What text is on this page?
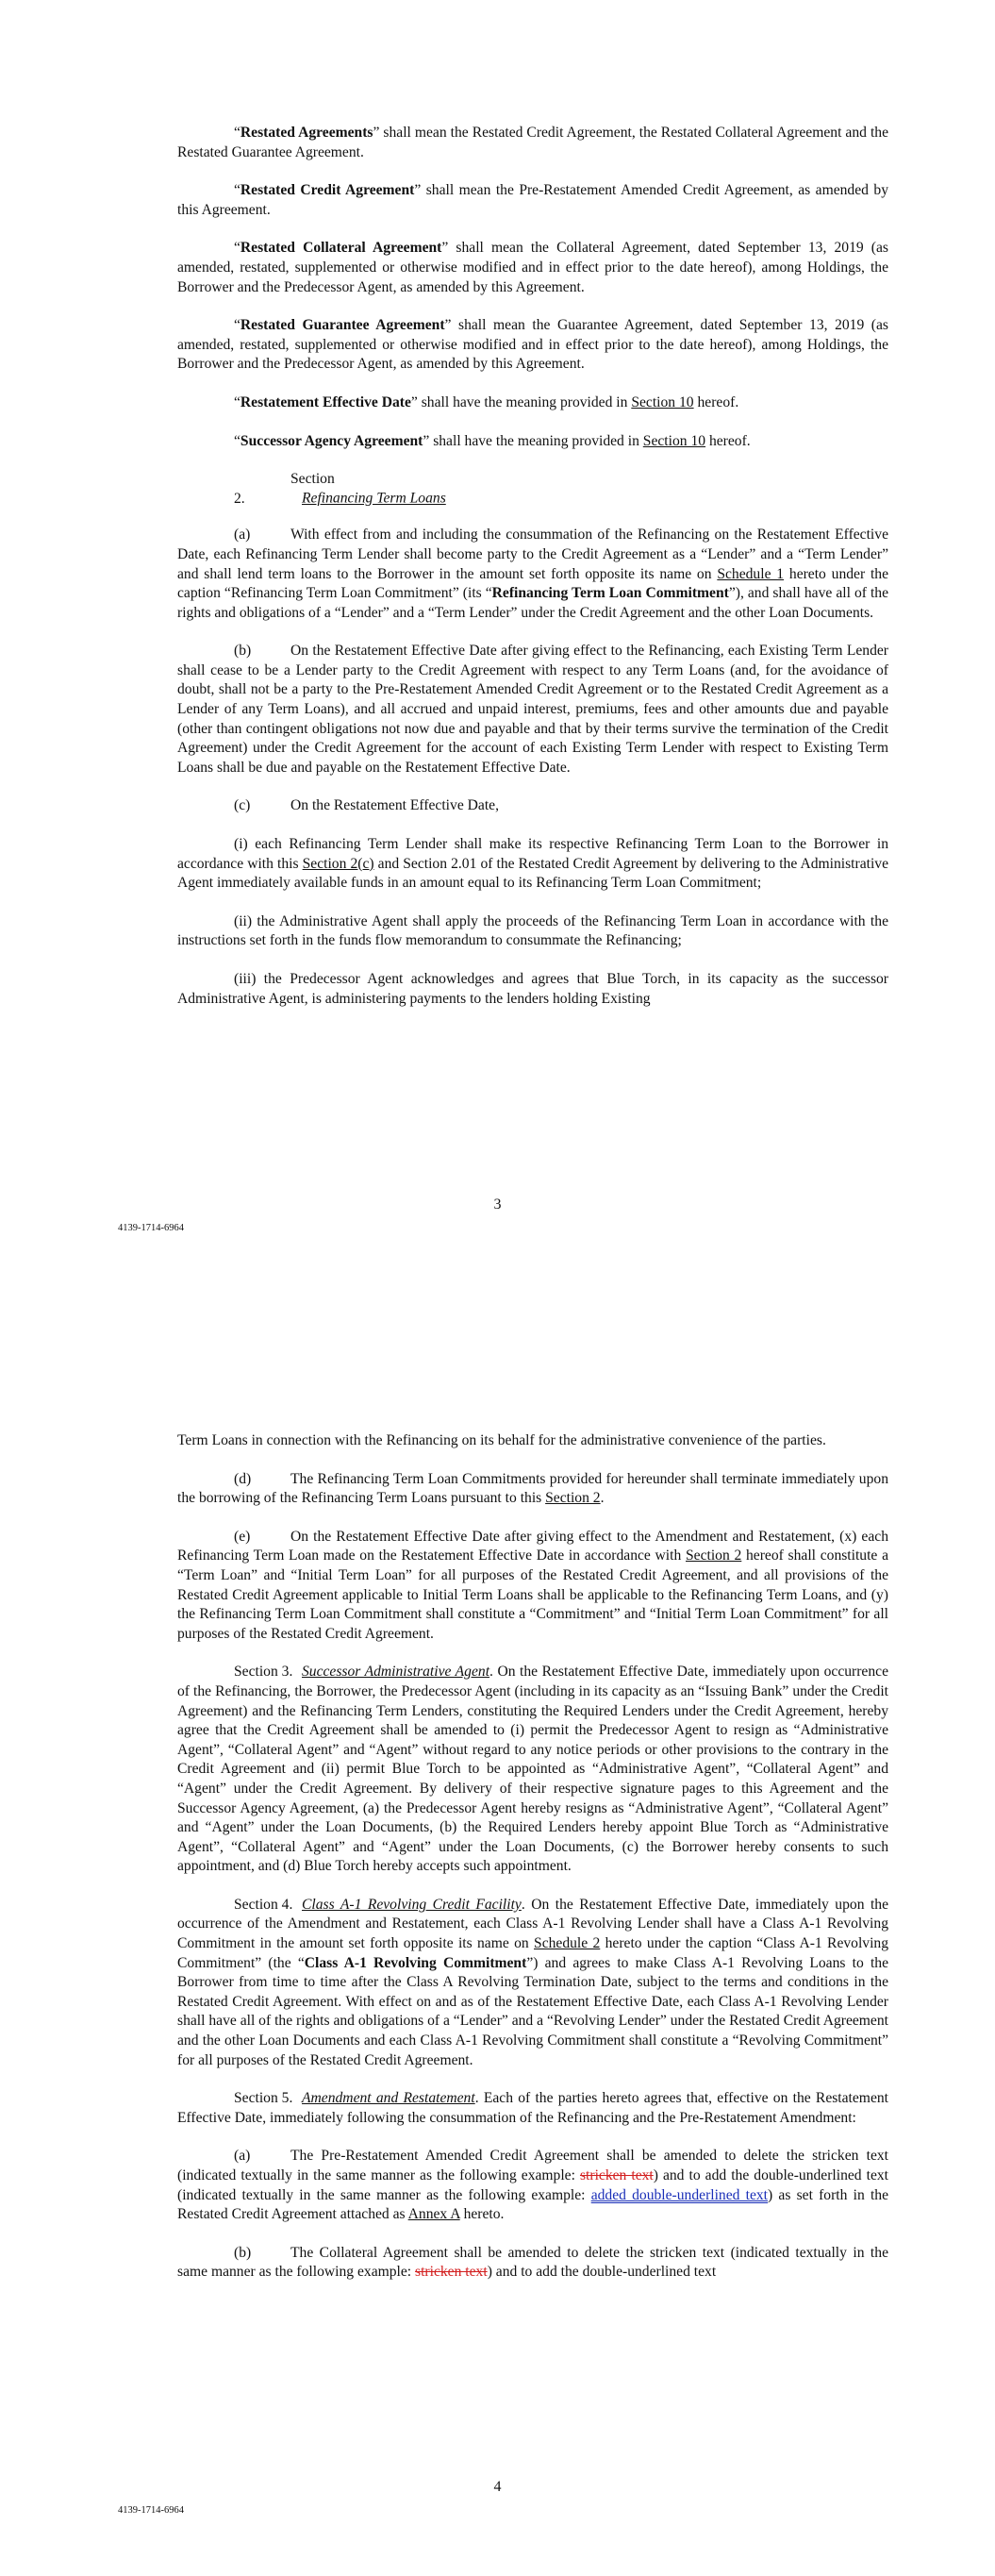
“Restated Agreements” shall mean the Restated Credit Agreement, the Restated Collateral Agreement and the Restated Guarantee Agreement.

“Restated Credit Agreement” shall mean the Pre-Restatement Amended Credit Agreement, as amended by this Agreement.

“Restated Collateral Agreement” shall mean the Collateral Agreement, dated September 13, 2019 (as amended, restated, supplemented or otherwise modified and in effect prior to the date hereof), among Holdings, the Borrower and the Predecessor Agent, as amended by this Agreement.

“Restated Guarantee Agreement” shall mean the Guarantee Agreement, dated September 13, 2019 (as amended, restated, supplemented or otherwise modified and in effect prior to the date hereof), among Holdings, the Borrower and the Predecessor Agent, as amended by this Agreement.

“Restatement Effective Date” shall have the meaning provided in Section 10 hereof.

“Successor Agency Agreement” shall have the meaning provided in Section 10 hereof.

Section 2.	Refinancing Term Loans

(a)	With effect from and including the consummation of the Refinancing on the Restatement Effective Date, each Refinancing Term Lender shall become party to the Credit Agreement as a “Lender” and a “Term Lender” and shall lend term loans to the Borrower in the amount set forth opposite its name on Schedule 1 hereto under the caption “Refinancing Term Loan Commitment” (its “Refinancing Term Loan Commitment”), and shall have all of the rights and obligations of a “Lender” and a “Term Lender” under the Credit Agreement and the other Loan Documents.

(b)	On the Restatement Effective Date after giving effect to the Refinancing, each Existing Term Lender shall cease to be a Lender party to the Credit Agreement with respect to any Term Loans (and, for the avoidance of doubt, shall not be a party to the Pre-Restatement Amended Credit Agreement or to the Restated Credit Agreement as a Lender of any Term Loans), and all accrued and unpaid interest, premiums, fees and other amounts due and payable (other than contingent obligations not now due and payable and that by their terms survive the termination of the Credit Agreement) under the Credit Agreement for the account of each Existing Term Lender with respect to Existing Term Loans shall be due and payable on the Restatement Effective Date.

(c)	On the Restatement Effective Date,

(i) each Refinancing Term Lender shall make its respective Refinancing Term Loan to the Borrower in accordance with this Section 2(c) and Section 2.01 of the Restated Credit Agreement by delivering to the Administrative Agent immediately available funds in an amount equal to its Refinancing Term Loan Commitment;

(ii) the Administrative Agent shall apply the proceeds of the Refinancing Term Loan in accordance with the instructions set forth in the funds flow memorandum to consummate the Refinancing;

(iii) the Predecessor Agent acknowledges and agrees that Blue Torch, in its capacity as the successor Administrative Agent, is administering payments to the lenders holding Existing

3
4139-1714-6964

Term Loans in connection with the Refinancing on its behalf for the administrative convenience of the parties.

(d)	The Refinancing Term Loan Commitments provided for hereunder shall terminate immediately upon the borrowing of the Refinancing Term Loans pursuant to this Section 2.

(e)	On the Restatement Effective Date after giving effect to the Amendment and Restatement, (x) each Refinancing Term Loan made on the Restatement Effective Date in accordance with Section 2 hereof shall constitute a “Term Loan” and “Initial Term Loan” for all purposes of the Restated Credit Agreement, and all provisions of the Restated Credit Agreement applicable to Initial Term Loans shall be applicable to the Refinancing Term Loans, and (y) the Refinancing Term Loan Commitment shall constitute a “Commitment” and “Initial Term Loan Commitment” for all purposes of the Restated Credit Agreement.

Section 3. Successor Administrative Agent. On the Restatement Effective Date, immediately upon occurrence of the Refinancing, the Borrower, the Predecessor Agent (including in its capacity as an “Issuing Bank” under the Credit Agreement) and the Refinancing Term Lenders, constituting the Required Lenders under the Credit Agreement, hereby agree that the Credit Agreement shall be amended to (i) permit the Predecessor Agent to resign as “Administrative Agent”, “Collateral Agent” and “Agent” without regard to any notice periods or other provisions to the contrary in the Credit Agreement and (ii) permit Blue Torch to be appointed as “Administrative Agent”, “Collateral Agent” and “Agent” under the Credit Agreement. By delivery of their respective signature pages to this Agreement and the Successor Agency Agreement, (a) the Predecessor Agent hereby resigns as “Administrative Agent”, “Collateral Agent” and “Agent” under the Loan Documents, (b) the Required Lenders hereby appoint Blue Torch as “Administrative Agent”, “Collateral Agent” and “Agent” under the Loan Documents, (c) the Borrower hereby consents to such appointment, and (d) Blue Torch hereby accepts such appointment.

Section 4. Class A-1 Revolving Credit Facility. On the Restatement Effective Date, immediately upon the occurrence of the Amendment and Restatement, each Class A-1 Revolving Lender shall have a Class A-1 Revolving Commitment in the amount set forth opposite its name on Schedule 2 hereto under the caption “Class A-1 Revolving Commitment” (the “Class A-1 Revolving Commitment”) and agrees to make Class A-1 Revolving Loans to the Borrower from time to time after the Class A Revolving Termination Date, subject to the terms and conditions in the Restated Credit Agreement. With effect on and as of the Restatement Effective Date, each Class A-1 Revolving Lender shall have all of the rights and obligations of a “Lender” and a “Revolving Lender” under the Restated Credit Agreement and the other Loan Documents and each Class A-1 Revolving Commitment shall constitute a “Revolving Commitment” for all purposes of the Restated Credit Agreement.

Section 5. Amendment and Restatement. Each of the parties hereto agrees that, effective on the Restatement Effective Date, immediately following the consummation of the Refinancing and the Pre-Restatement Amendment:

(a)	The Pre-Restatement Amended Credit Agreement shall be amended to delete the stricken text (indicated textually in the same manner as the following example: stricken text) and to add the double-underlined text (indicated textually in the same manner as the following example: added double-underlined text) as set forth in the Restated Credit Agreement attached as Annex A hereto.

(b)	The Collateral Agreement shall be amended to delete the stricken text (indicated textually in the same manner as the following example: stricken text) and to add the double-underlined text

4
4139-1714-6964
